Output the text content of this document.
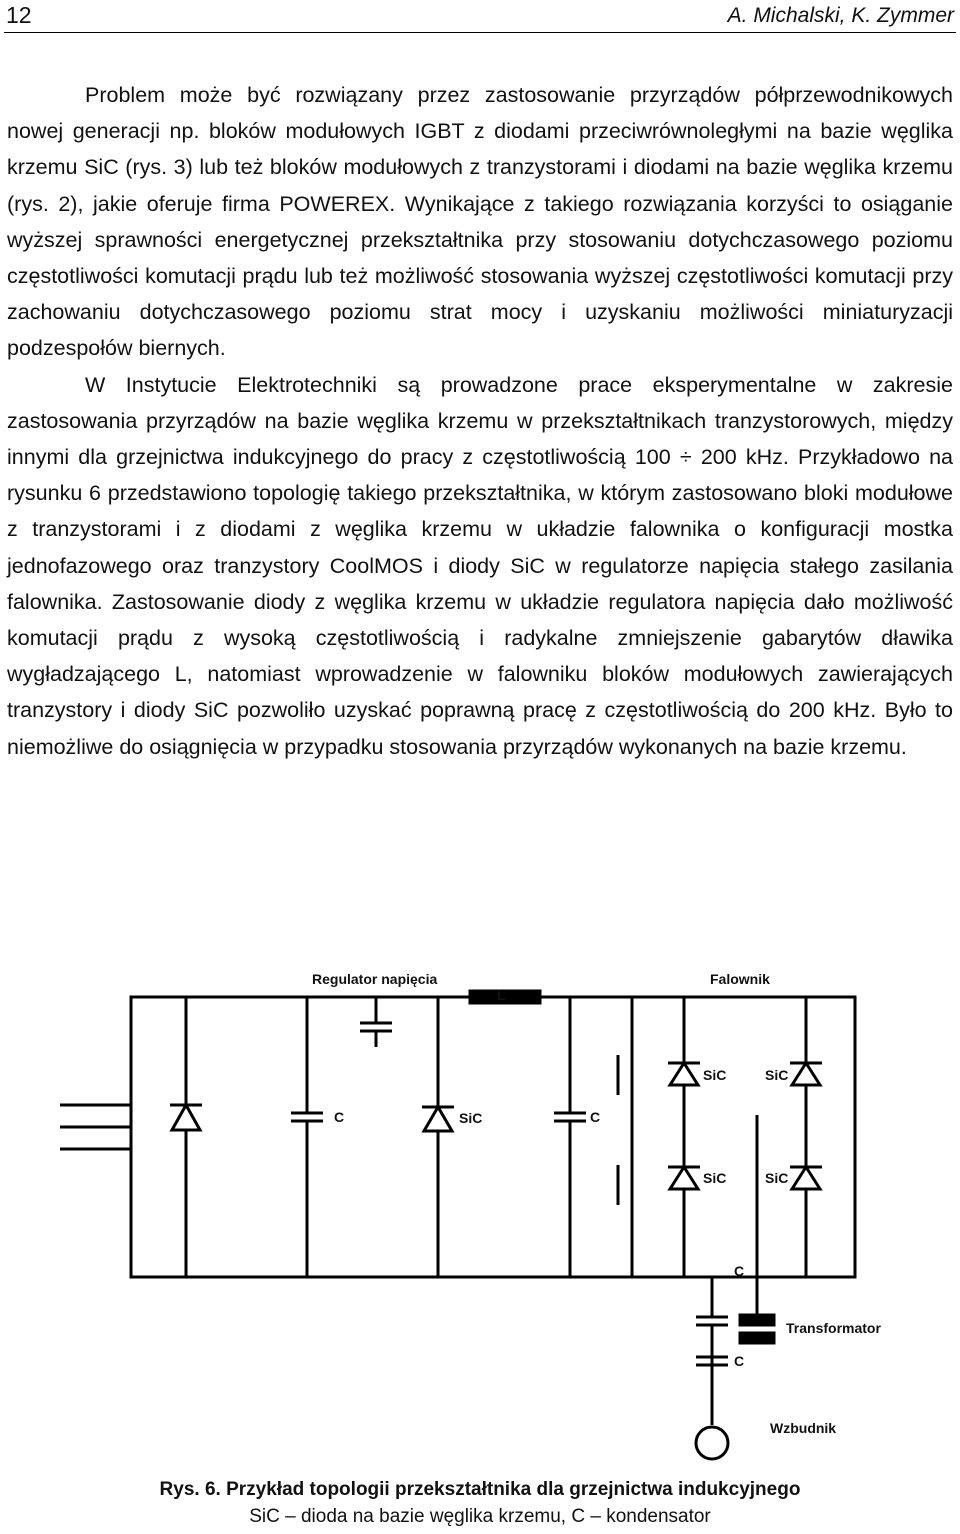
12	A. Michalski, K. Zymmer

Problem może być rozwiązany przez zastosowanie przyrządów półprzewodnikowych nowej generacji np. bloków modułowych IGBT z diodami przeciwrównoległymi na bazie węglika krzemu SiC (rys. 3) lub też bloków modułowych z tranzystorami i diodami na bazie węglika krzemu (rys. 2), jakie oferuje firma POWEREX. Wynikające z takiego rozwiązania korzyści to osiąganie wyższej sprawności energetycznej przekształtnika przy stosowaniu dotychczasowego poziomu częstotliwości komutacji prądu lub też możliwość stosowania wyższej częstotliwości komutacji przy zachowaniu dotychczasowego poziomu strat mocy i uzyskaniu możliwości miniaturyzacji podzespołów biernych.

W Instytucie Elektrotechniki są prowadzone prace eksperymentalne w zakresie zastosowania przyrządów na bazie węglika krzemu w przekształtnikach tranzystorowych, między innymi dla grzejnictwa indukcyjnego do pracy z częstotliwością 100 ÷ 200 kHz. Przykładowo na rysunku 6 przedstawiono topologię takiego przekształtnika, w którym zastosowano bloki modułowe z tranzystorami i z diodami z węglika krzemu w układzie falownika o konfiguracji mostka jednofazowego oraz tranzystory CoolMOS i diody SiC w regulatorze napięcia stałego zasilania falownika. Zastosowanie diody z węglika krzemu w układzie regulatora napięcia dało możliwość komutacji prądu z wysoką częstotliwością i radykalne zmniejszenie gabarytów dławika wygładzającego L, natomiast wprowadzenie w falowniku bloków modułowych zawierających tranzystory i diody SiC pozwoliło uzyskać poprawną pracę z częstotliwością do 200 kHz. Było to niemożliwe do osiągnięcia w przypadku stosowania przyrządów wykonanych na bazie krzemu.

Regulator napięcia	Falownik
L
C	SiC	C
SiC	SiC
SiC	SiC
C
Transformator
C
Wzbudnik
Rys. 6. Przykład topologii przekształtnika dla grzejnictwa indukcyjnego
SiC – dioda na bazie węglika krzemu, C – kondensator
